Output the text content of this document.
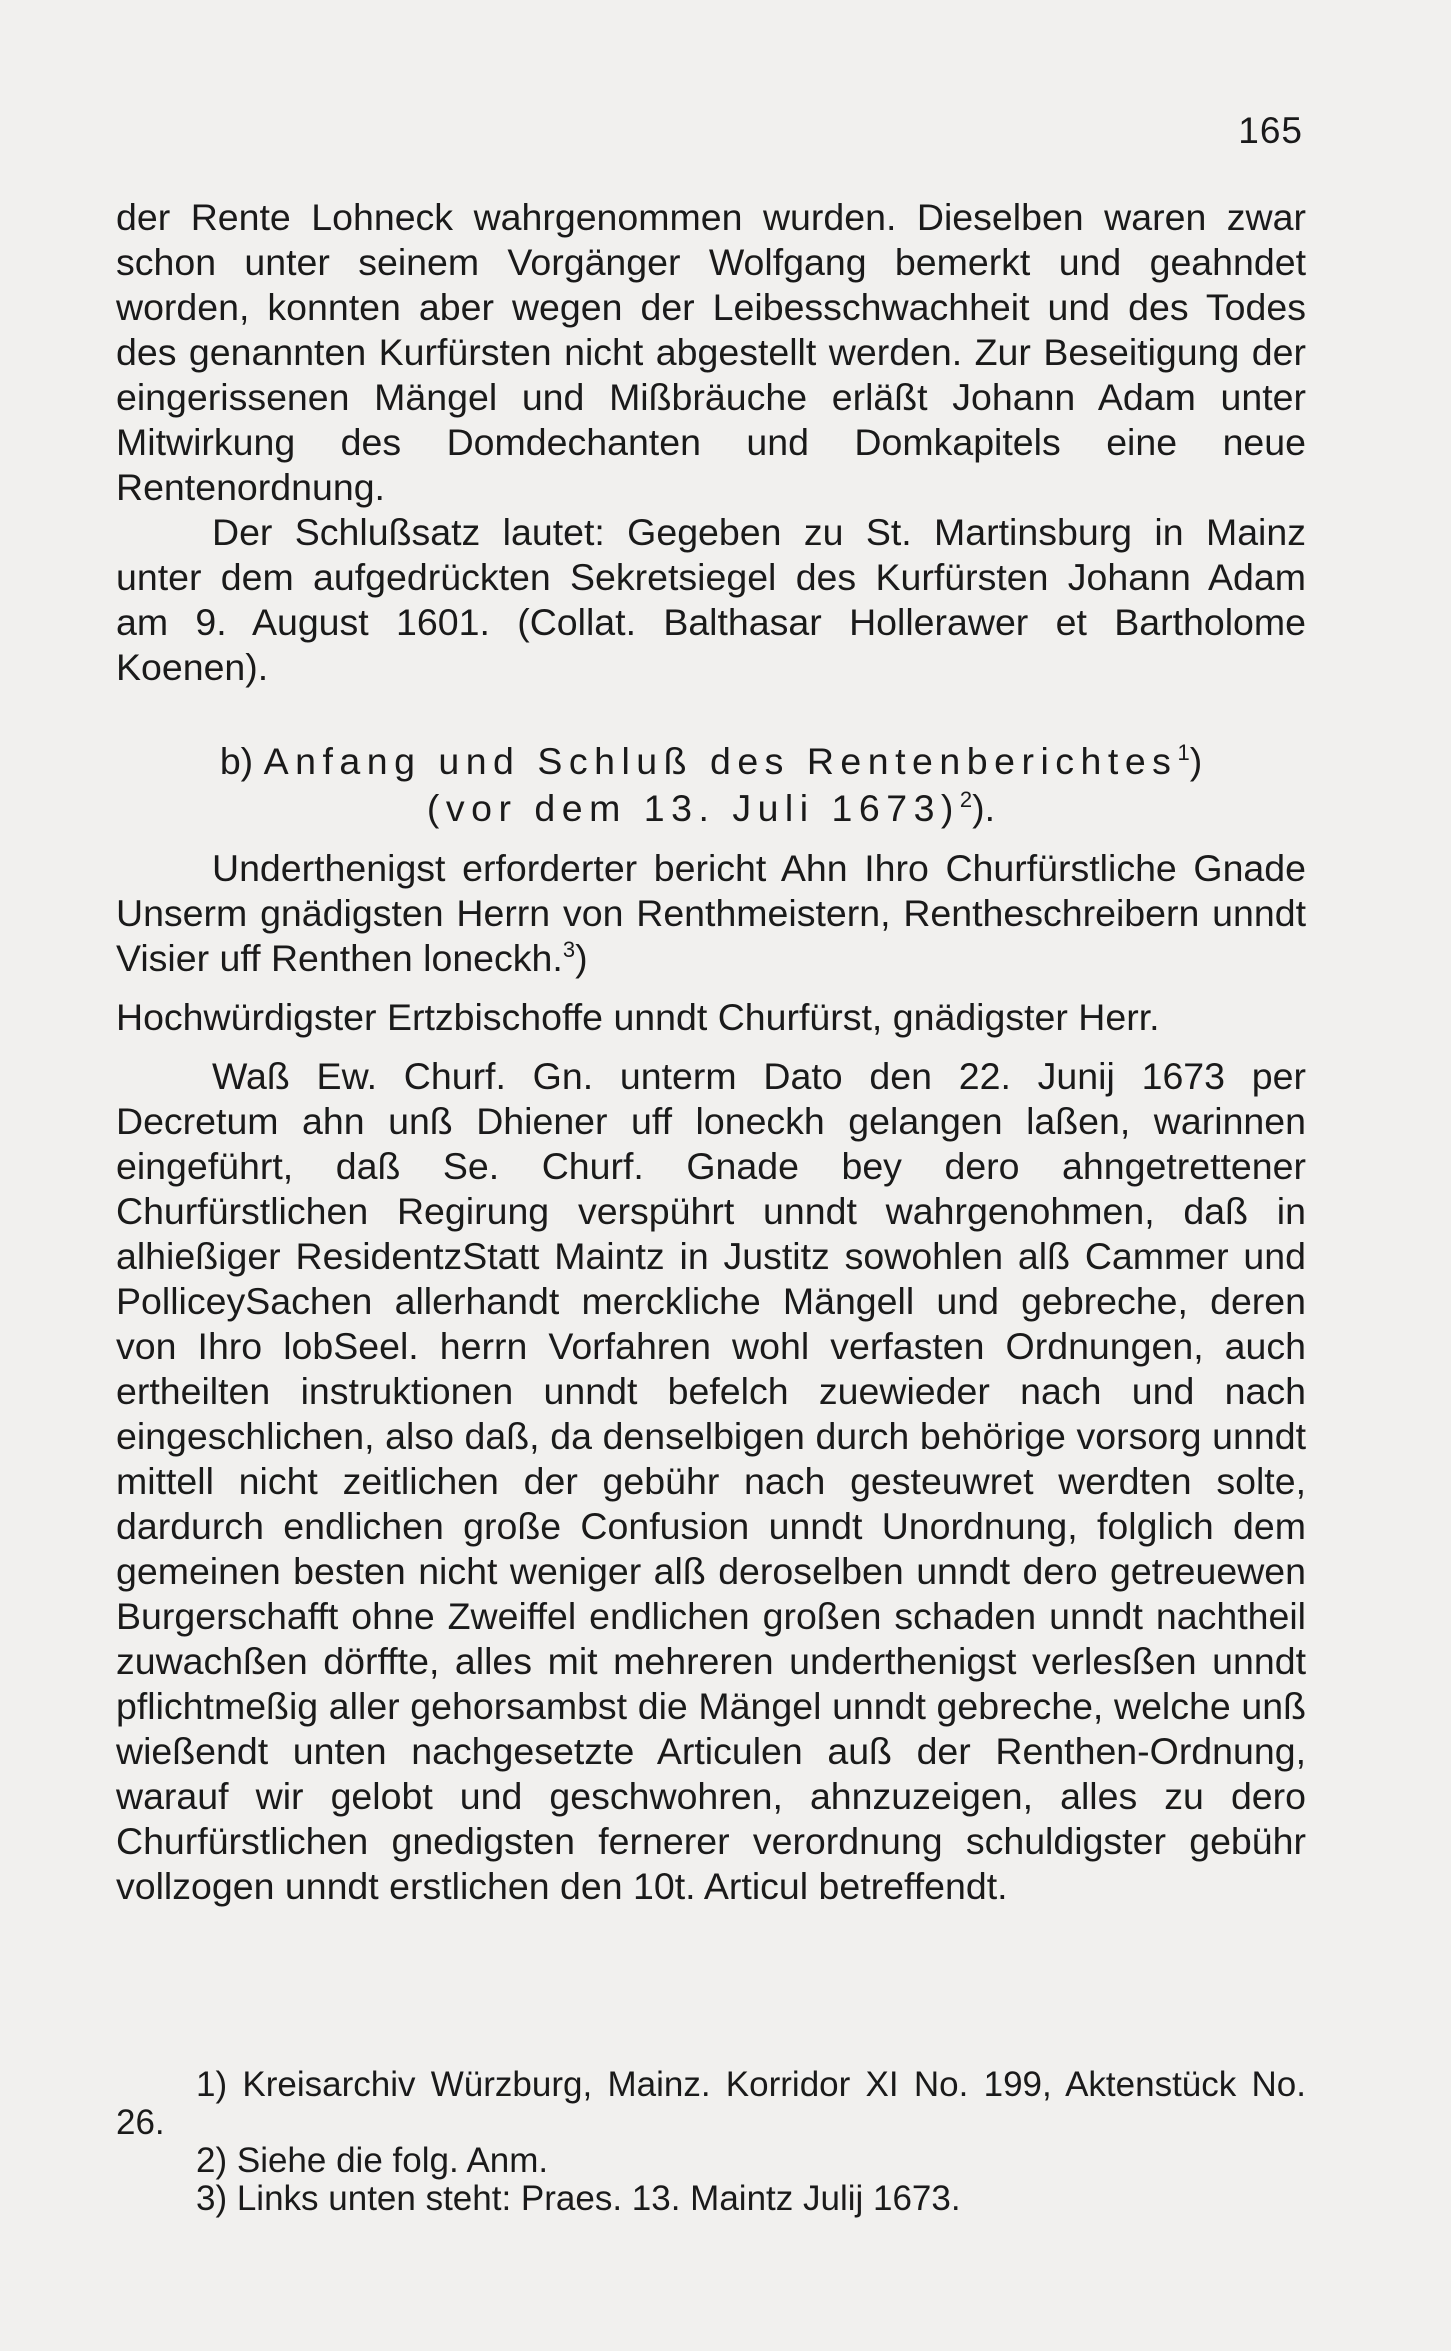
165

der Rente Lohneck wahrgenommen wurden. Dieselben waren zwar schon unter seinem Vorgänger Wolfgang bemerkt und geahndet worden, konnten aber wegen der Leibesschwachheit und des Todes des genannten Kurfürsten nicht abgestellt werden. Zur Beseitigung der eingerissenen Mängel und Mißbräuche erläßt Johann Adam unter Mitwirkung des Domdechanten und Domkapitels eine neue Rentenordnung.

Der Schlußsatz lautet: Gegeben zu St. Martinsburg in Mainz unter dem aufgedrückten Sekretsiegel des Kurfürsten Johann Adam am 9. August 1601. (Collat. Balthasar Hollerawer et Bartholome Koenen).

b) Anfang und Schluß des Rentenberichtes$^1$)
(vor dem 13. Juli 1673)$^2$).

Underthenigst erforderter bericht Ahn Ihro Churfürstliche Gnade Unserm gnädigsten Herrn von Renthmeistern, Rentheschreibern unndt Visier uff Renthen loneckh.$^3$)

Hochwürdigster Ertzbischoffe unndt Churfürst, gnädigster Herr.

Waß Ew. Churf. Gn. unterm Dato den 22. Junij 1673 per Decretum ahn unß Dhiener uff loneckh gelangen laßen, warinnen eingeführt, daß Se. Churf. Gnade bey dero ahngetrettener Churfürstlichen Regirung verspührt unndt wahrgenohmen, daß in alhießiger ResidentzStatt Maintz in Justitz sowohlen alß Cammer und PolliceySachen allerhandt merckliche Mängell und gebreche, deren von Ihro lobSeel. herrn Vorfahren wohl verfasten Ordnungen, auch ertheilten instruktionen unndt befelch zuewieder nach und nach eingeschlichen, also daß, da denselbigen durch behörige vorsorg unndt mittell nicht zeitlichen der gebühr nach gesteuwret werdten solte, dardurch endlichen große Confusion unndt Unordnung, folglich dem gemeinen besten nicht weniger alß deroselben unndt dero getreuewen Burgerschafft ohne Zweiffel endlichen großen schaden unndt nachtheil zuwachßen dörffte, alles mit mehreren underthenigst verlesßen unndt pflichtmeßig aller gehorsambst die Mängel unndt gebreche, welche unß wießendt unten nachgesetzte Articulen auß der Renthen-Ordnung, warauf wir gelobt und geschwohren, ahnzuzeigen, alles zu dero Churfürstlichen gnedigsten fernerer verordnung schuldigster gebühr vollzogen unndt erstlichen den 10t. Articul betreffendt.

1) Kreisarchiv Würzburg, Mainz. Korridor XI No. 199, Aktenstück No. 26.

2) Siehe die folg. Anm.

3) Links unten steht: Praes. 13. Maintz Julij 1673.
